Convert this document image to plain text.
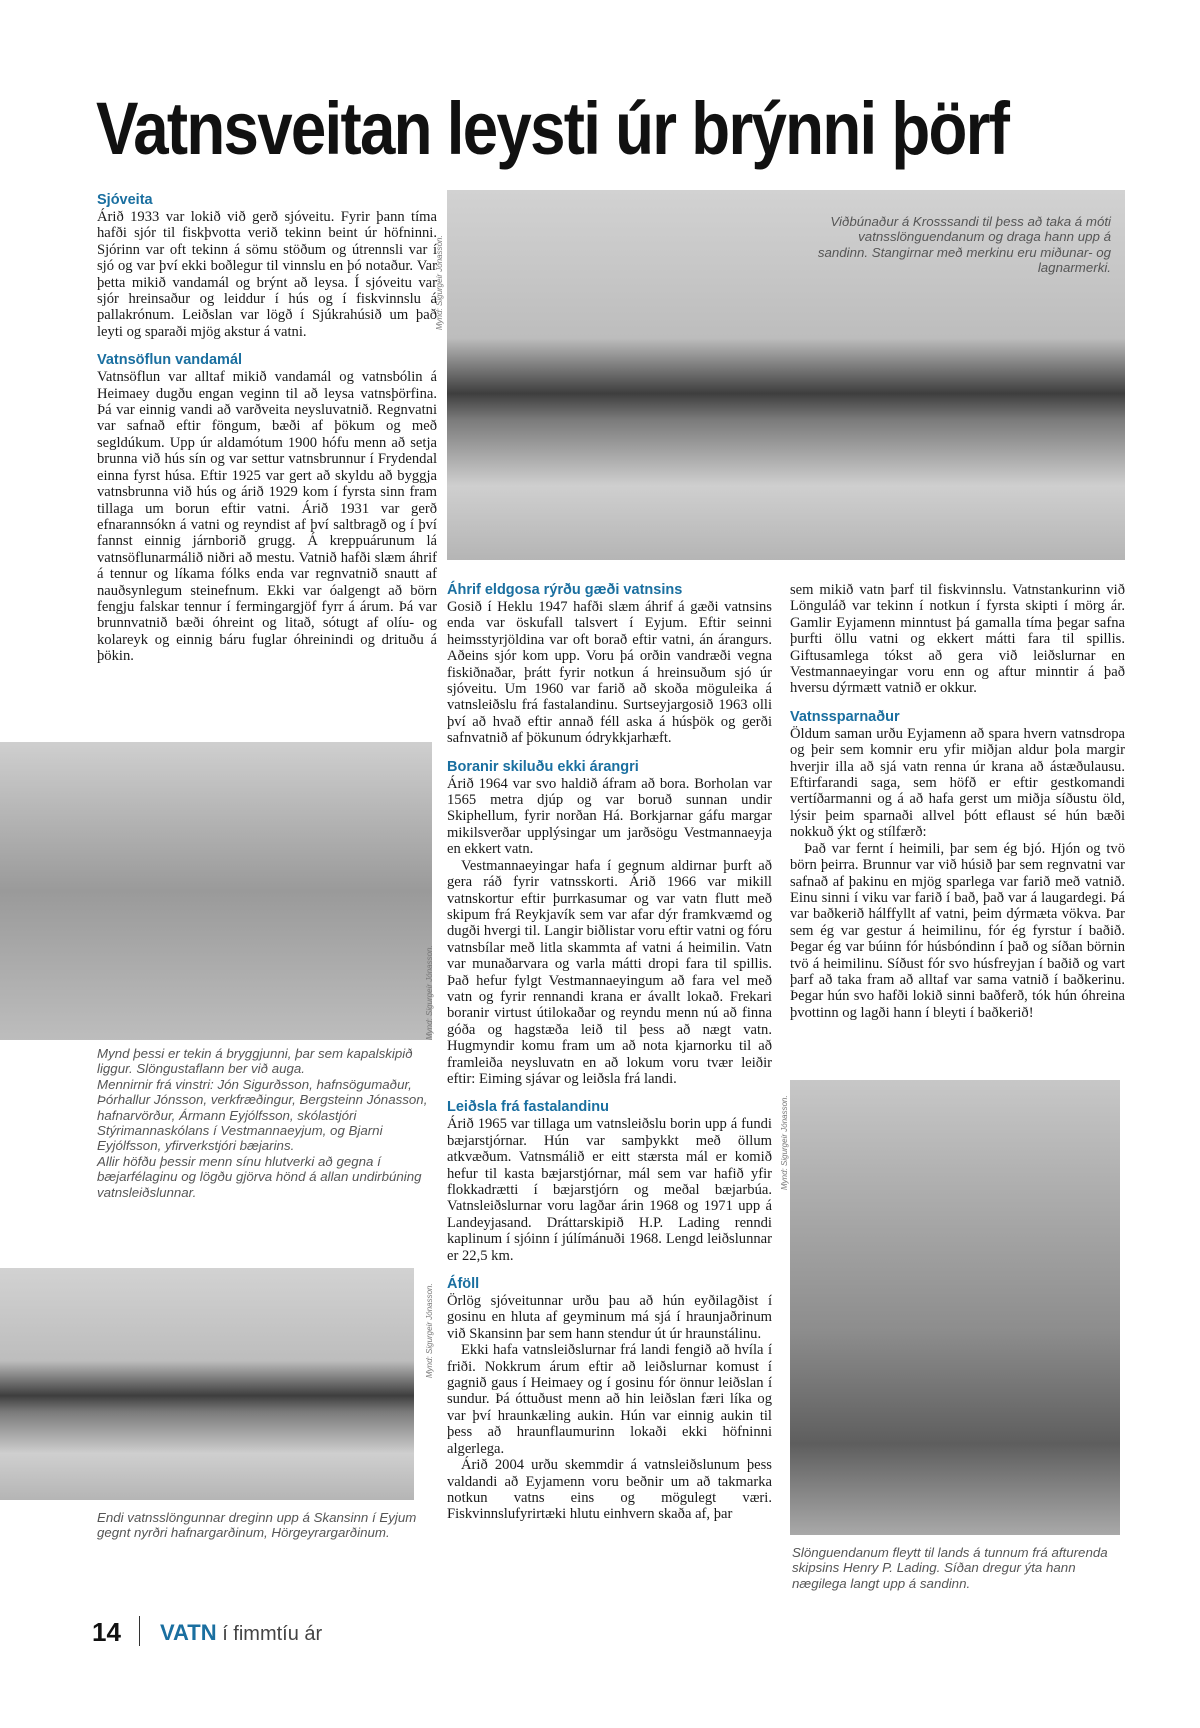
Vatnsveitan leysti úr brýnni þörf
Sjóveita

Árið 1933 var lokið við gerð sjóveitu. Fyrir þann tíma hafði sjór til fiskþvotta verið tekinn beint úr höfninni. Sjórinn var oft tekinn á sömu stöðum og útrennsli var í sjó og var því ekki boðlegur til vinnslu en þó notaður. Var þetta mikið vandamál og brýnt að leysa. Í sjóveitu var sjór hreinsaður og leiddur í hús og í fiskvinnslu á pallakrónum. Leiðslan var lögð í Sjúkrahúsið um það leyti og sparaði mjög akstur á vatni.

Vatnsöflun vandamál

Vatnsöflun var alltaf mikið vandamál og vatnsbólin á Heimaey dugðu engan veginn til að leysa vatnsþörfina. Þá var einnig vandi að varðveita neysluvatnið. Regnvatni var safnað eftir föngum, bæði af þökum og með segldúkum. Upp úr aldamótum 1900 hófu menn að setja brunna við hús sín og var settur vatnsbrunnur í Frydendal einna fyrst húsa. Eftir 1925 var gert að skyldu að byggja vatnsbrunna við hús og árið 1929 kom í fyrsta sinn fram tillaga um borun eftir vatni. Árið 1931 var gerð efnarannsókn á vatni og reyndist af því saltbragð og í því fannst einnig járnborið grugg. Á kreppuárunum lá vatnsöflunarmálið niðri að mestu. Vatnið hafði slæm áhrif á tennur og líkama fólks enda var regnvatnið snautt af nauðsynlegum steinefnum. Ekki var óalgengt að börn fengju falskar tennur í fermingargjöf fyrr á árum. Þá var brunnvatnið bæði óhreint og litað, sótugt af olíu- og kolareyk og einnig báru fuglar óhreinindi og drituðu á þökin.

Viðbúnaður á Krosssandi til þess að taka á móti vatnsslönguendanum og draga hann upp á sandinn. Stangirnar með merkinu eru miðunar- og lagnarmerki.
Mynd: Sigurgeir Jónasson.
Áhrif eldgosa rýrðu gæði vatnsins

Gosið í Heklu 1947 hafði slæm áhrif á gæði vatnsins enda var öskufall talsvert í Eyjum. Eftir seinni heimsstyrjöldina var oft borað eftir vatni, án árangurs. Aðeins sjór kom upp. Voru þá orðin vandræði vegna fiskiðnaðar, þrátt fyrir notkun á hreinsuðum sjó úr sjóveitu. Um 1960 var farið að skoða möguleika á vatnsleiðslu frá fastalandinu. Surtseyjargosið 1963 olli því að hvað eftir annað féll aska á húsþök og gerði safnvatnið af þökunum ódrykkjarhæft.

Boranir skiluðu ekki árangri

Árið 1964 var svo haldið áfram að bora. Borholan var 1565 metra djúp og var boruð sunnan undir Skiphellum, fyrir norðan Há. Borkjarnar gáfu margar mikilsverðar upplýsingar um jarðsögu Vestmannaeyja en ekkert vatn.

Vestmannaeyingar hafa í gegnum aldirnar þurft að gera ráð fyrir vatnsskorti. Árið 1966 var mikill vatnskortur eftir þurrkasumar og var vatn flutt með skipum frá Reykjavík sem var afar dýr framkvæmd og dugði hvergi til. Langir biðlistar voru eftir vatni og fóru vatnsbílar með litla skammta af vatni á heimilin. Vatn var munaðarvara og varla mátti dropi fara til spillis. Það hefur fylgt Vestmannaeyingum að fara vel með vatn og fyrir rennandi krana er ávallt lokað. Frekari boranir virtust útilokaðar og reyndu menn nú að finna góða og hagstæða leið til þess að nægt vatn. Hugmyndir komu fram um að nota kjarnorku til að framleiða neysluvatn en að lokum voru tvær leiðir eftir: Eiming sjávar og leiðsla frá landi.

Leiðsla frá fastalandinu

Árið 1965 var tillaga um vatnsleiðslu borin upp á fundi bæjarstjórnar. Hún var samþykkt með öllum atkvæðum. Vatnsmálið er eitt stærsta mál er komið hefur til kasta bæjarstjórnar, mál sem var hafið yfir flokkadrætti í bæjarstjórn og meðal bæjarbúa. Vatnsleiðslurnar voru lagðar árin 1968 og 1971 upp á Landeyjasand. Dráttarskipið H.P. Lading renndi kaplinum í sjóinn í júlímánuði 1968. Lengd leiðslunnar er 22,5 km.

Áföll

Örlög sjóveitunnar urðu þau að hún eyðilagðist í gosinu en hluta af geyminum má sjá í hraunjaðrinum við Skansinn þar sem hann stendur út úr hraunstálinu.

Ekki hafa vatnsleiðslurnar frá landi fengið að hvíla í friði. Nokkrum árum eftir að leiðslurnar komust í gagnið gaus í Heimaey og í gosinu fór önnur leiðslan í sundur. Þá óttuðust menn að hin leiðslan færi líka og var því hraunkæling aukin. Hún var einnig aukin til þess að hraunflaumurinn lokaði ekki höfninni algerlega.

Árið 2004 urðu skemmdir á vatnsleiðslunum þess valdandi að Eyjamenn voru beðnir um að takmarka notkun vatns eins og mögulegt væri. Fiskvinnslufyrirtæki hlutu einhvern skaða af, þar

sem mikið vatn þarf til fiskvinnslu. Vatnstankurinn við Lönguláð var tekinn í notkun í fyrsta skipti í mörg ár. Gamlir Eyjamenn minntust þá gamalla tíma þegar safna þurfti öllu vatni og ekkert mátti fara til spillis. Giftusamlega tókst að gera við leiðslurnar en Vestmannaeyingar voru enn og aftur minntir á það hversu dýrmætt vatnið er okkur.

Vatnssparnaður

Öldum saman urðu Eyjamenn að spara hvern vatnsdropa og þeir sem komnir eru yfir miðjan aldur þola margir hverjir illa að sjá vatn renna úr krana að ástæðulausu. Eftirfarandi saga, sem höfð er eftir gestkomandi vertíðarmanni og á að hafa gerst um miðja síðustu öld, lýsir þeim sparnaði allvel þótt eflaust sé hún bæði nokkuð ýkt og stílfærð:

Það var fernt í heimili, þar sem ég bjó. Hjón og tvö börn þeirra. Brunnur var við húsið þar sem regnvatni var safnað af þakinu en mjög sparlega var farið með vatnið. Einu sinni í viku var farið í bað, það var á laugardegi. Þá var baðkerið hálffyllt af vatni, þeim dýrmæta vökva. Þar sem ég var gestur á heimilinu, fór ég fyrstur í baðið. Þegar ég var búinn fór húsbóndinn í það og síðan börnin tvö á heimilinu. Síðust fór svo húsfreyjan í baðið og vart þarf að taka fram að alltaf var sama vatnið í baðkerinu. Þegar hún svo hafði lokið sinni baðferð, tók hún óhreina þvottinn og lagði hann í bleyti í baðkerið!

Mynd: Sigurgeir Jónasson.
Mynd þessi er tekin á bryggjunni, þar sem kapalskipið liggur. Slöngustaflann ber við auga.
Mennirnir frá vinstri: Jón Sigurðsson, hafnsögumaður, Þórhallur Jónsson, verkfræðingur, Bergsteinn Jónasson, hafnarvörður, Ármann Eyjólfsson, skólastjóri Stýrimannaskólans í Vestmannaeyjum, og Bjarni Eyjólfsson, yfirverkstjóri bæjarins.
Allir höfðu þessir menn sínu hlutverki að gegna í bæjarfélaginu og lögðu gjörva hönd á allan undirbúning vatnsleiðslunnar.
Mynd: Sigurgeir Jónasson.
Endi vatnsslöngunnar dreginn upp á Skansinn í Eyjum gegnt nyrðri hafnargarðinum, Hörgeyrargarðinum.
Mynd: Sigurgeir Jónasson.
Slönguendanum fleytt til lands á tunnum frá afturenda skipsins Henry P. Lading. Síðan dregur ýta hann nægilega langt upp á sandinn.
14 VATN í fimmtíu ár
